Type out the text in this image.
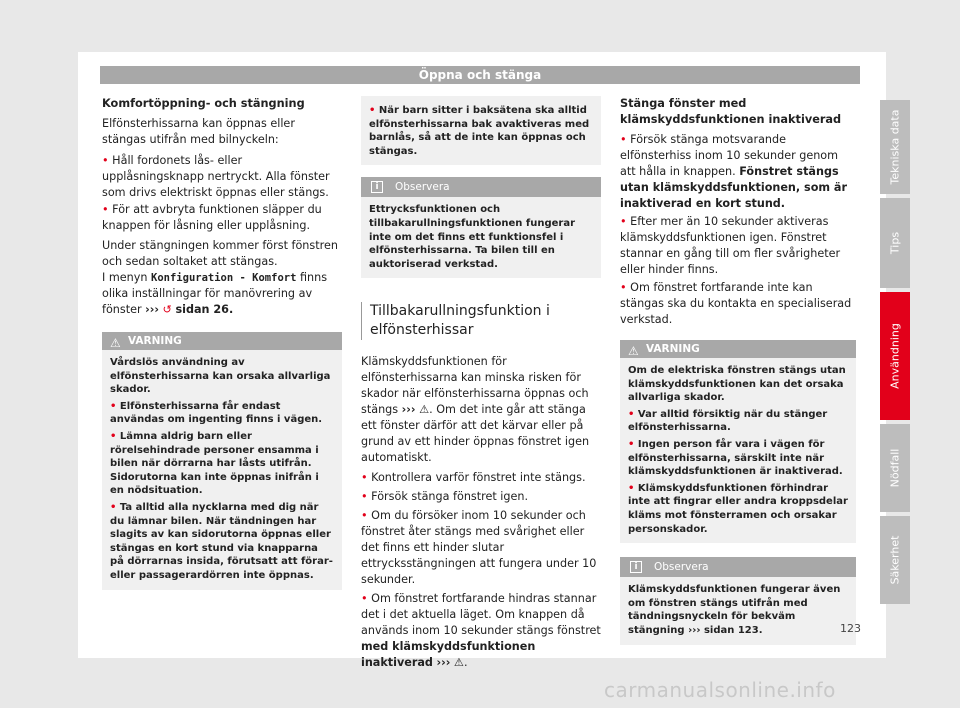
Öppna och stänga

Komfortöppning- och stängning

Elfönsterhissarna kan öppnas eller stängas utifrån med bilnyckeln:

• Håll fordonets lås- eller upplåsningsknapp nertryckt. Alla fönster som drivs elektriskt öppnas eller stängs.

• För att avbryta funktionen släpper du knappen för låsning eller upplåsning.

Under stängningen kommer först fönstren och sedan soltaket att stängas.

I menyn Konfiguration - Komfort finns olika inställningar för manövrering av fönster ››› ↺ sidan 26.

⚠ VARNING

Vårdslös användning av elfönsterhissarna kan orsaka allvarliga skador.

• Elfönsterhissarna får endast användas om ingenting finns i vägen.

• Lämna aldrig barn eller rörelsehindrade personer ensamma i bilen när dörrarna har låsts utifrån. Sidorutorna kan inte öppnas inifrån i en nödsituation.

• Ta alltid alla nycklarna med dig när du lämnar bilen. När tändningen har slagits av kan sidorutorna öppnas eller stängas en kort stund via knapparna på dörrarnas insida, förutsatt att förar- eller passagerardörren inte öppnas.

• När barn sitter i baksätena ska alltid elfönsterhissarna bak avaktiveras med barnlås, så att de inte kan öppnas och stängas.

i	Observera

Ettrycksfunktionen och tillbakarullningsfunktionen fungerar inte om det finns ett funktionsfel i elfönsterhissarna. Ta bilen till en auktoriserad verkstad.

Tillbakarullningsfunktion i elfönsterhissar

Klämskyddsfunktionen för elfönsterhissarna kan minska risken för skador när elfönsterhissarna öppnas och stängs ››› ⚠. Om det inte går att stänga ett fönster därför att det kärvar eller på grund av ett hinder öppnas fönstret igen automatiskt.

• Kontrollera varför fönstret inte stängs.

• Försök stänga fönstret igen.

• Om du försöker inom 10 sekunder och fönstret åter stängs med svårighet eller det finns ett hinder slutar ettrycksstängningen att fungera under 10 sekunder.

• Om fönstret fortfarande hindras stannar det i det aktuella läget. Om knappen då används inom 10 sekunder stängs fönstret med klämskyddsfunktionen inaktiverad ››› ⚠.

Stänga fönster med klämskyddsfunktionen inaktiverad

• Försök stänga motsvarande elfönsterhiss inom 10 sekunder genom att hålla in knappen. Fönstret stängs utan klämskyddsfunktionen, som är inaktiverad en kort stund.

• Efter mer än 10 sekunder aktiveras klämskyddsfunktionen igen. Fönstret stannar en gång till om fler svårigheter eller hinder finns.

• Om fönstret fortfarande inte kan stängas ska du kontakta en specialiserad verkstad.

⚠ VARNING

Om de elektriska fönstren stängs utan klämskyddsfunktionen kan det orsaka allvarliga skador.

• Var alltid försiktig när du stänger elfönsterhissarna.

• Ingen person får vara i vägen för elfönsterhissarna, särskilt inte när klämskyddsfunktionen är inaktiverad.

• Klämskyddsfunktionen förhindrar inte att fingrar eller andra kroppsdelar kläms mot fönsterramen och orsakar personskador.

i	Observera

Klämskyddsfunktionen fungerar även om fönstren stängs utifrån med tändningsnyckeln för bekväm stängning ››› sidan 123.

Tekniska data
Tips
Användning
Nödfall
Säkerhet
123
carmanualsonline.info
